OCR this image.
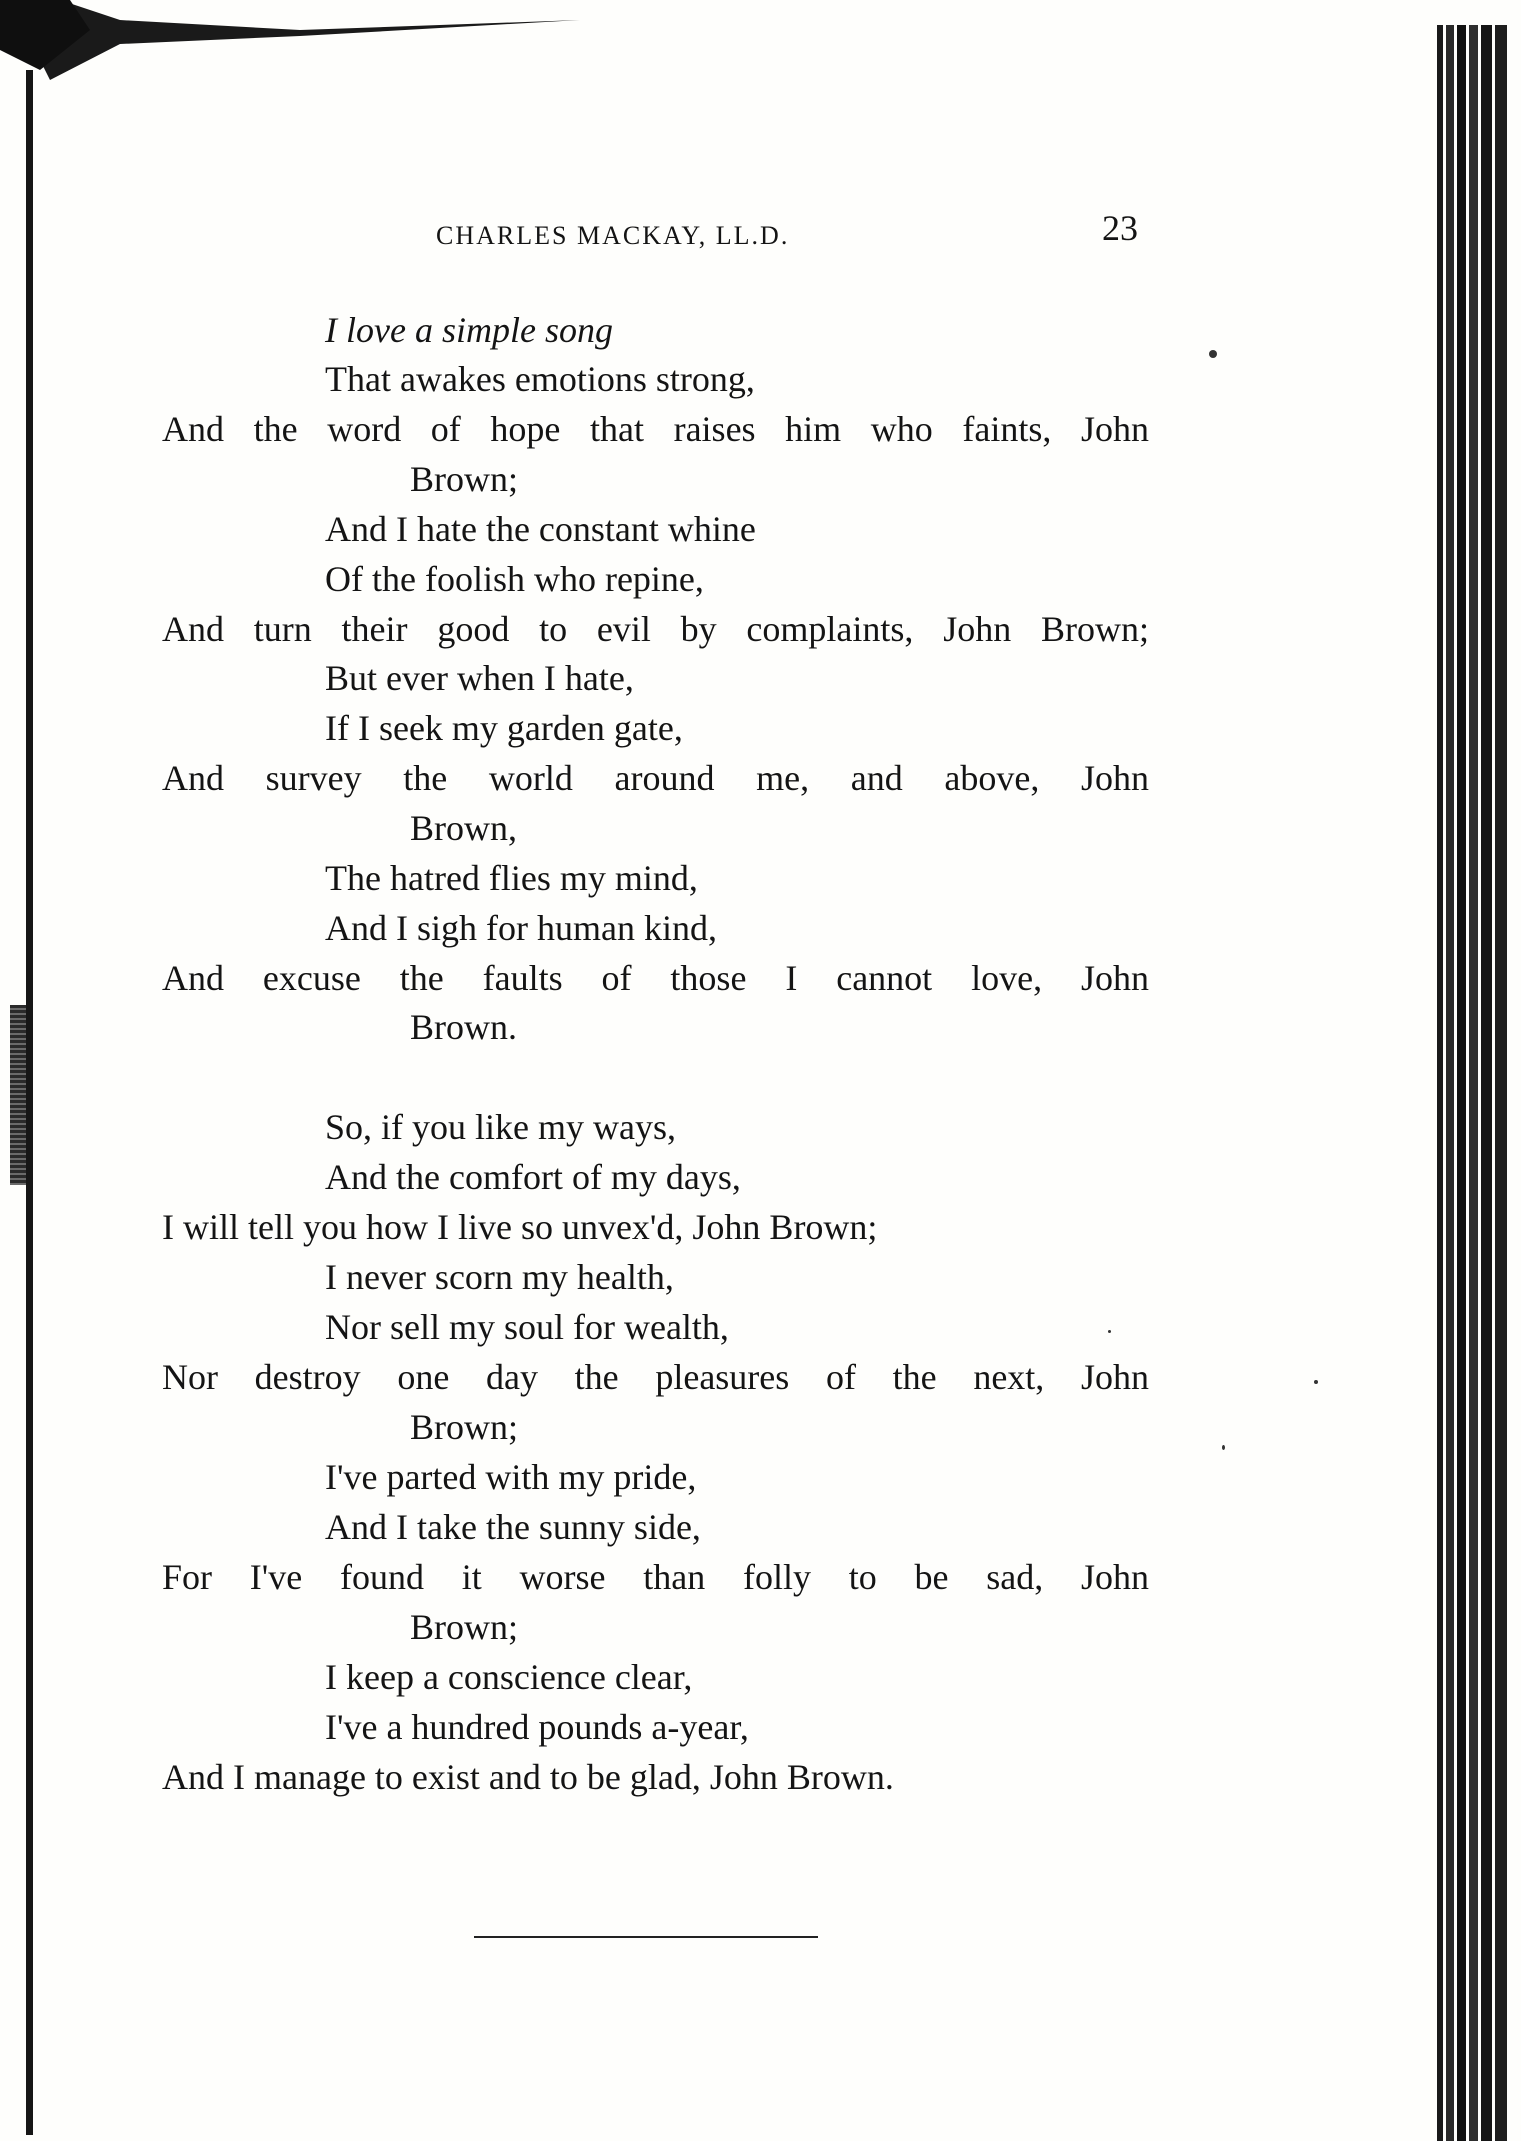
CHARLES MACKAY, LL.D.	23
I love a simple song
That awakes emotions strong,
And the word of hope that raises him who faints, John
Brown;
And I hate the constant whine
Of the foolish who repine,
And turn their good to evil by complaints, John Brown;
But ever when I hate,
If I seek my garden gate,
And survey the world around me, and above, John
Brown,
The hatred flies my mind,
And I sigh for human kind,
And excuse the faults of those I cannot love, John
Brown.
So, if you like my ways,
And the comfort of my days,
I will tell you how I live so unvex'd, John Brown;
I never scorn my health,
Nor sell my soul for wealth,
Nor destroy one day the pleasures of the next, John
Brown;
I've parted with my pride,
And I take the sunny side,
For I've found it worse than folly to be sad, John
Brown;
I keep a conscience clear,
I've a hundred pounds a-year,
And I manage to exist and to be glad, John Brown.
